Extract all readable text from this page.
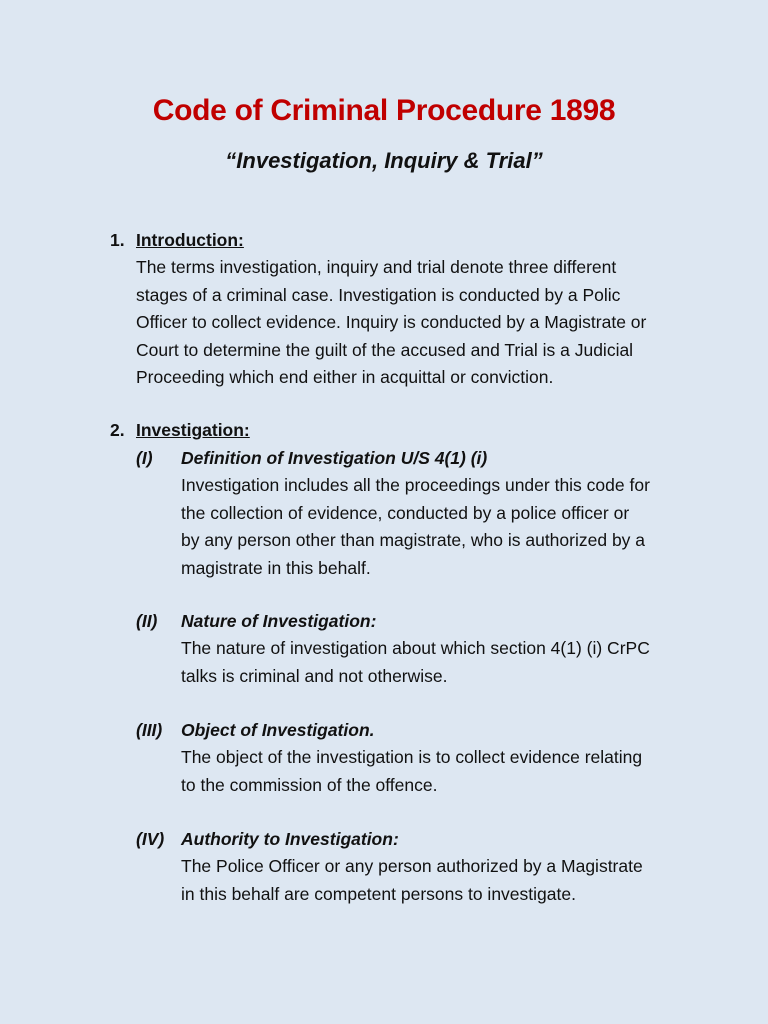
Code of Criminal Procedure 1898
“Investigation, Inquiry & Trial”
1. Introduction:
The terms investigation, inquiry and trial denote three different
stages of a criminal case. Investigation is conducted by a Polic
Officer to collect evidence. Inquiry is conducted by a Magistrate or
Court to determine the guilt of the accused and Trial is a Judicial
Proceeding which end either in acquittal or conviction.
2. Investigation:
(I)	Definition of Investigation U/S 4(1) (i)
Investigation includes all the proceedings under this code for
the collection of evidence, conducted by a police officer or
by any person other than magistrate, who is authorized by a
magistrate in this behalf.
(II)	Nature of Investigation:
The nature of investigation about which section 4(1) (i) CrPC
talks is criminal and not otherwise.
(III)	Object of Investigation.
The object of the investigation is to collect evidence relating
to the commission of the offence.
(IV) Authority to Investigation:
The Police Officer or any person authorized by a Magistrate
in this behalf are competent persons to investigate.
